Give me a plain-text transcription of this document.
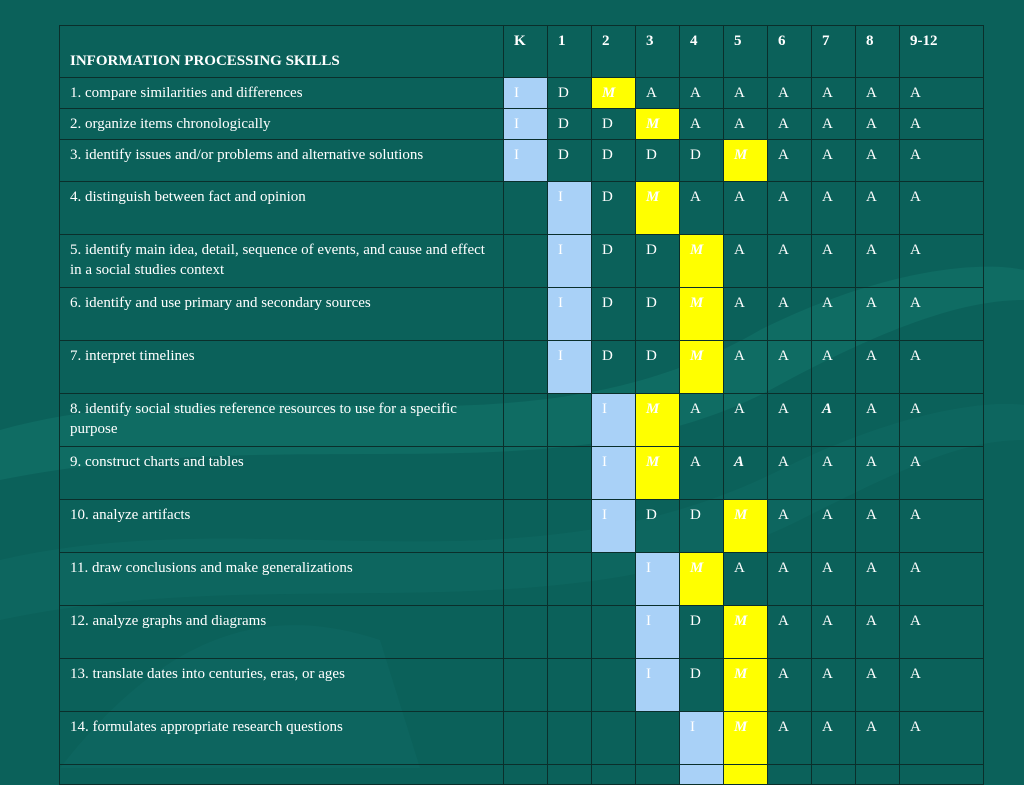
INFORMATION PROCESSING SKILLS	K	1	2	3	4	5	6	7	8	9-12
1. compare similarities and differences	I	D	M	A	A	A	A	A	A	A
2. organize items chronologically	I	D	D	M	A	A	A	A	A	A
3. identify issues and/or problems and alternative solutions	I	D	D	D	D	M	A	A	A	A
4. distinguish between fact and opinion		I	D	M	A	A	A	A	A	A
5. identify main idea, detail, sequence of events, and cause and effect in a social studies context		I	D	D	M	A	A	A	A	A
6. identify and use primary and secondary sources		I	D	D	M	A	A	A	A	A
7. interpret timelines		I	D	D	M	A	A	A	A	A
8. identify social studies reference resources to use for a specific purpose			I	M	A	A	A	A	A	A
9. construct charts and tables			I	M	A	A	A	A	A	A
10. analyze artifacts			I	D	D	M	A	A	A	A
11. draw conclusions and make generalizations				I	M	A	A	A	A	A
12. analyze graphs and diagrams				I	D	M	A	A	A	A
13. translate dates into centuries, eras, or ages				I	D	M	A	A	A	A
14. formulates appropriate research questions					I	M	A	A	A	A
